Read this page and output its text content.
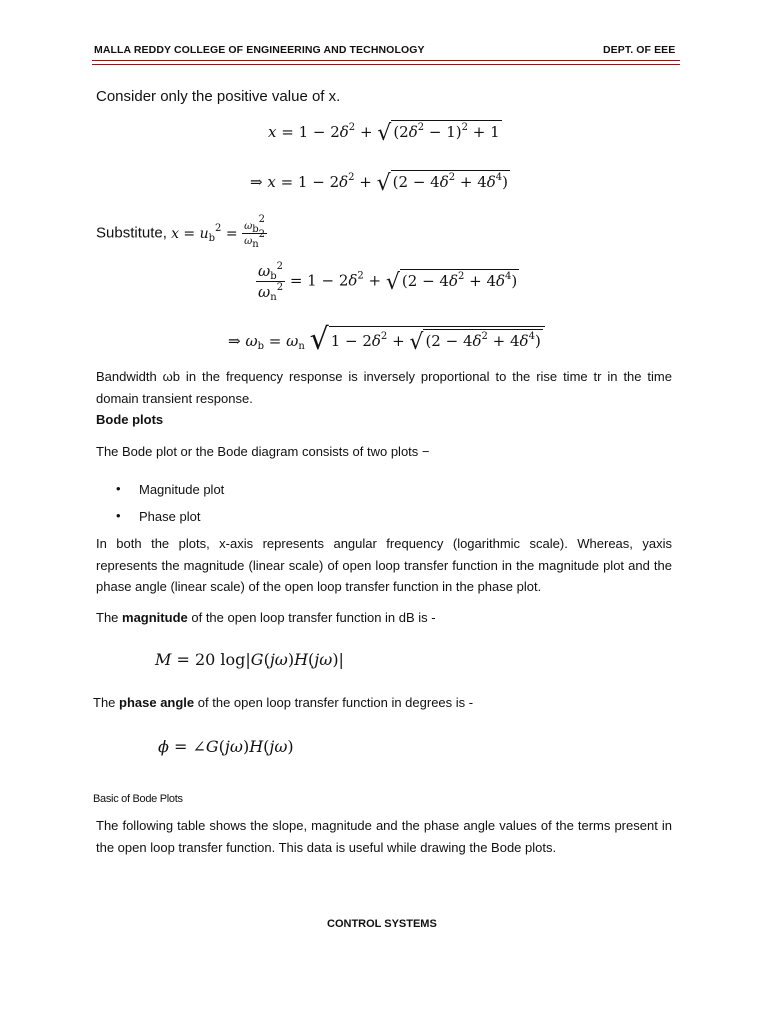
MALLA REDDY COLLEGE OF ENGINEERING AND TECHNOLOGY	DEPT. OF EEE
Consider only the positive value of x.
$x = 1 - 2\delta^2$ + √ $(2\delta^2 - 1)^2 + 1$
⇒ $x = 1 - 2\delta^2$ + √ $(2 - 4\delta^2 + 4\delta^4)$
Substitute, $x = u_b^2 = \frac{\omega_b^2}{\omega_n^2}$
$\frac{\omega_b^2}{\omega_n^2} = 1 - 2\delta^2$ + √ $(2 - 4\delta^2 + 4\delta^4)$
⇒ $\omega_b = \omega_n$ √ $1 - 2\delta^2$ + √ $(2 - 4\delta^2 + 4\delta^4)$
Bandwidth ωb in the frequency response is inversely proportional to the rise time tr in the time domain transient response.
Bode plots
The Bode plot or the Bode diagram consists of two plots −
• Magnitude plot
• Phase plot
In both the plots, x-axis represents angular frequency (logarithmic scale). Whereas, yaxis represents the magnitude (linear scale) of open loop transfer function in the magnitude plot and the phase angle (linear scale) of the open loop transfer function in the phase plot.
The magnitude of the open loop transfer function in dB is -
M = 20 log|G(jω)H(jω)|
The phase angle of the open loop transfer function in degrees is -
ϕ = ∠G(jω)H(jω)
Basic of Bode Plots
The following table shows the slope, magnitude and the phase angle values of the terms present in the open loop transfer function. This data is useful while drawing the Bode plots.
CONTROL SYSTEMS
